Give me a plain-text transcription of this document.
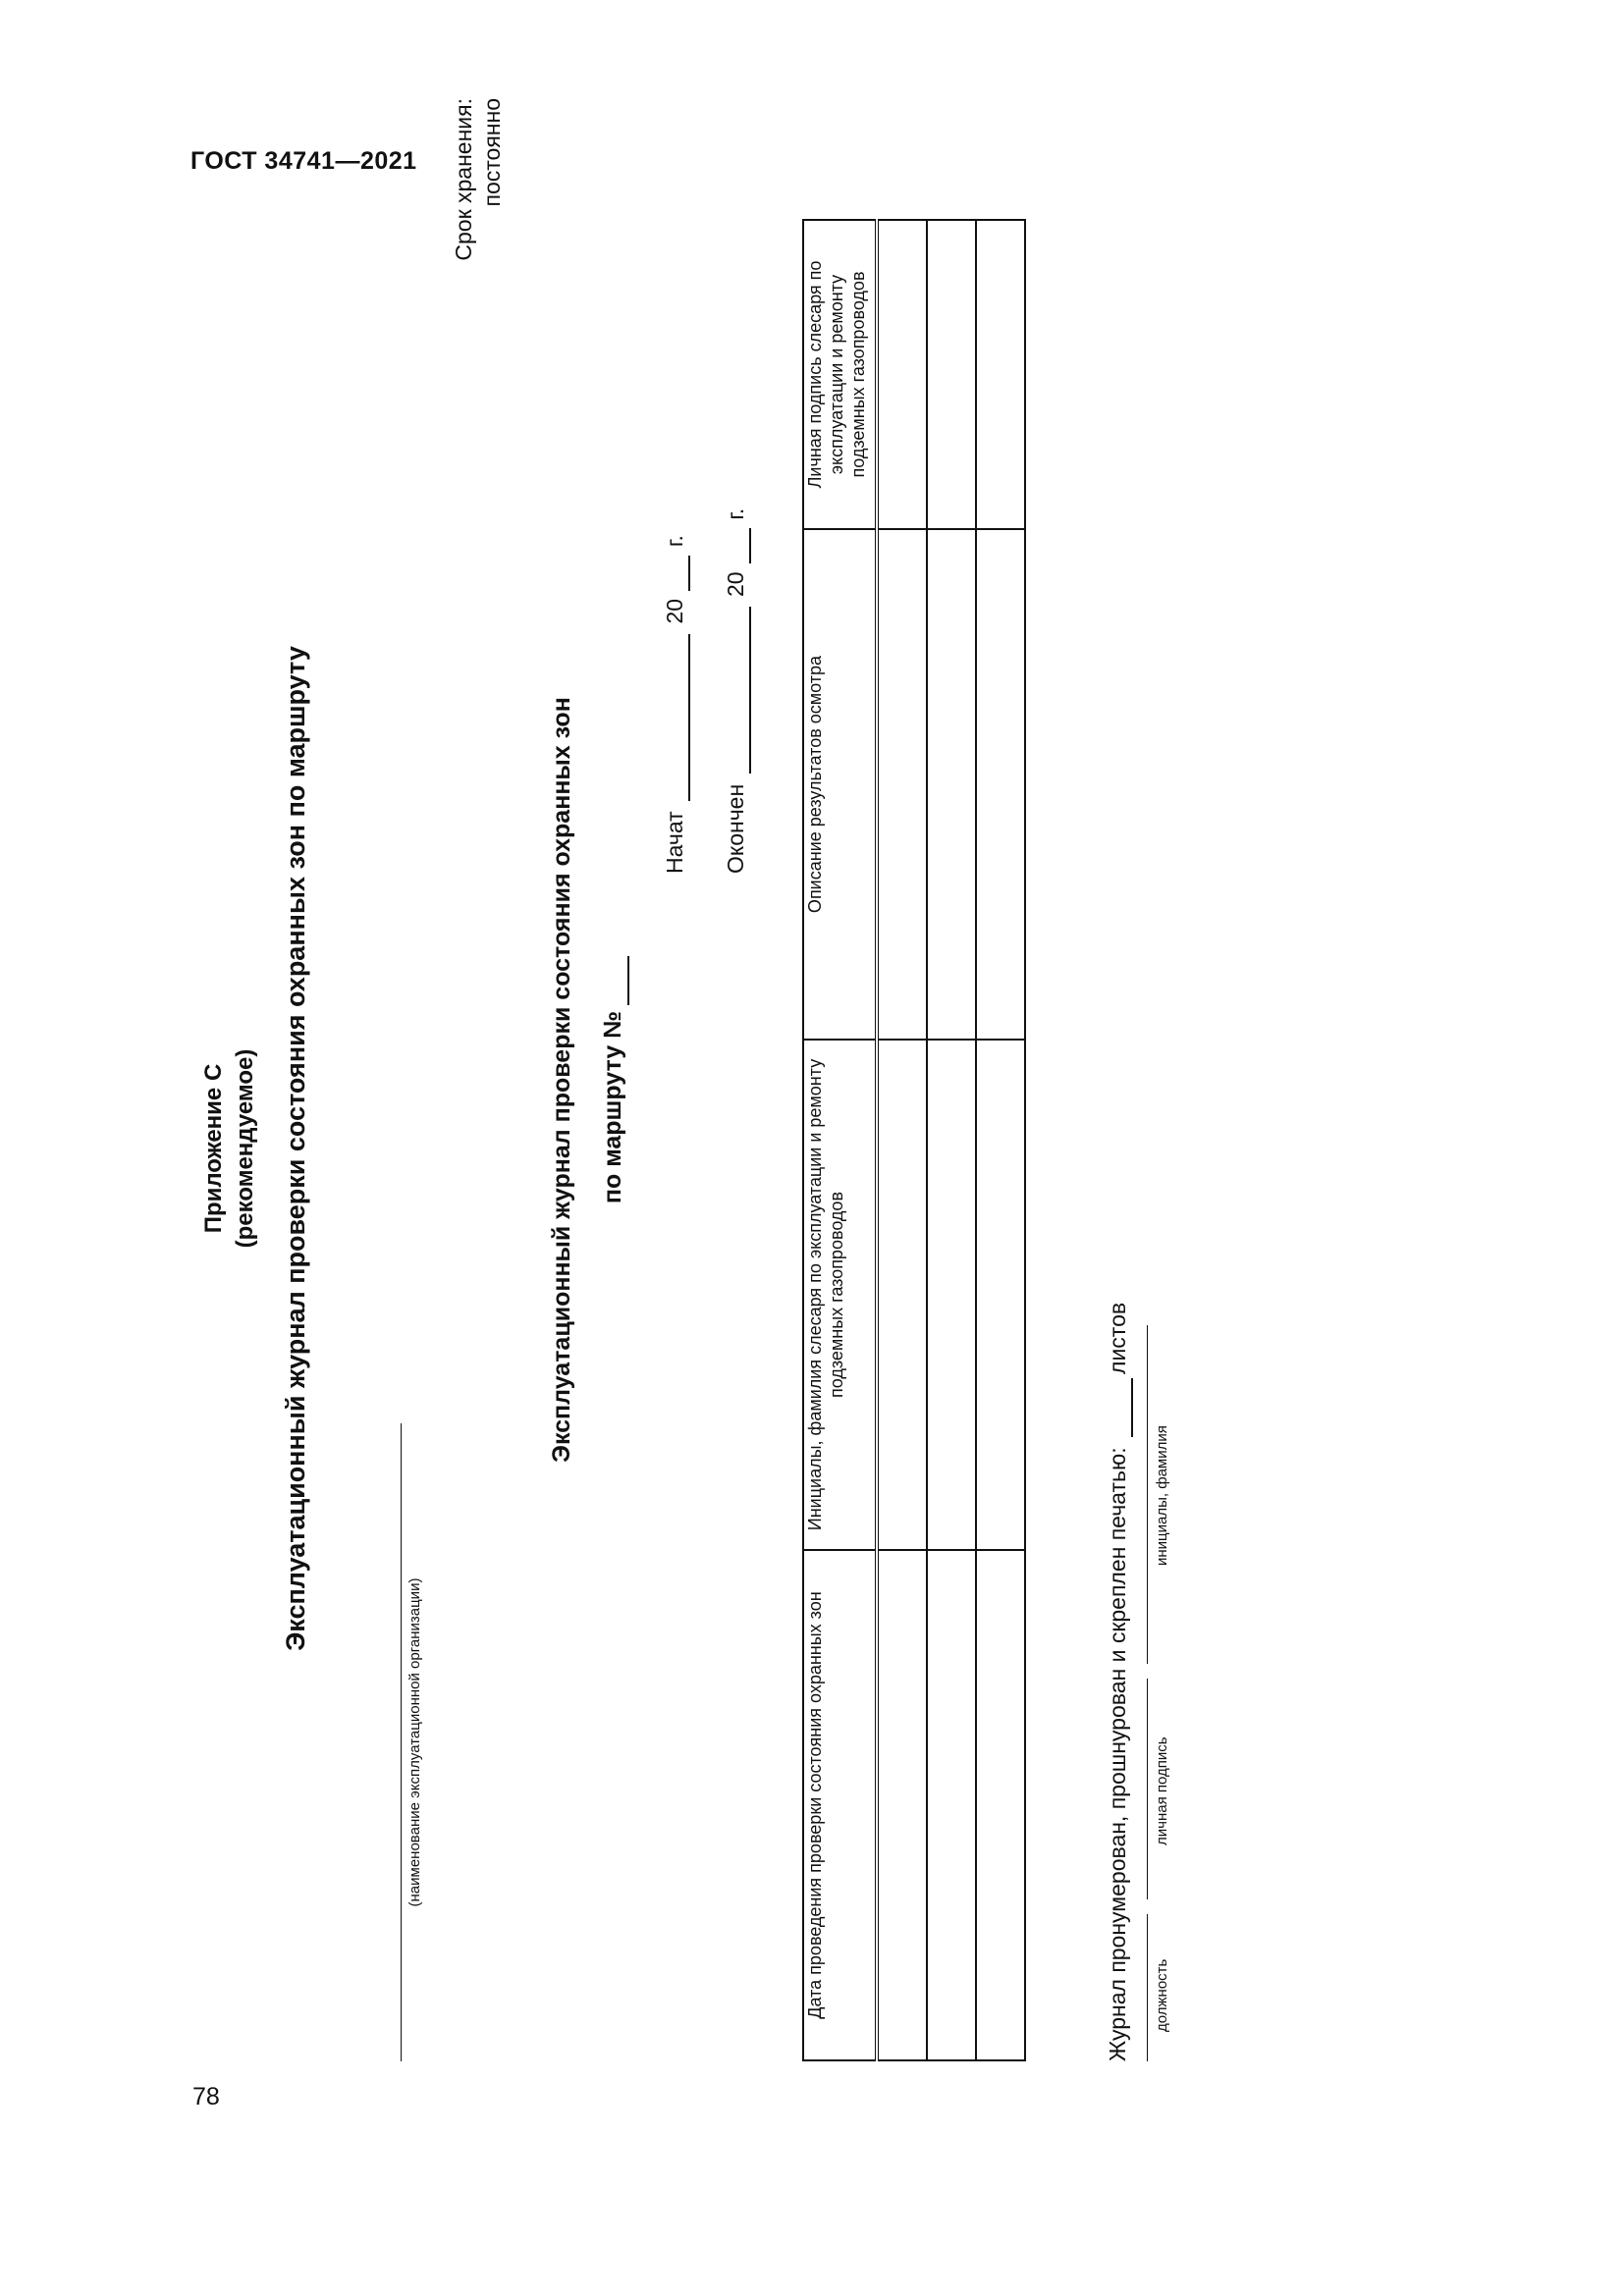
ГОСТ 34741—2021
78
Приложение С (рекомендуемое) Эксплуатационный журнал проверки состояния охранных зон по маршруту
(наименование эксплуатационной организации)
Срок хранения: постоянно
Эксплуатационный журнал проверки состояния охранных зон по маршруту №
Начат   20   г.
Окончен   20   г.
Дата проведения проверки состояния охранных зон	Инициалы, фамилия слесаря по эксплуатации и ремонту подземных газопроводов	Описание результатов осмотра	Личная подпись слесаря по эксплуатации и ремонту подземных газопроводов

Журнал пронумерован, прошнурован и скреплен печатью:  листов
должность
личная подпись
инициалы, фамилия
